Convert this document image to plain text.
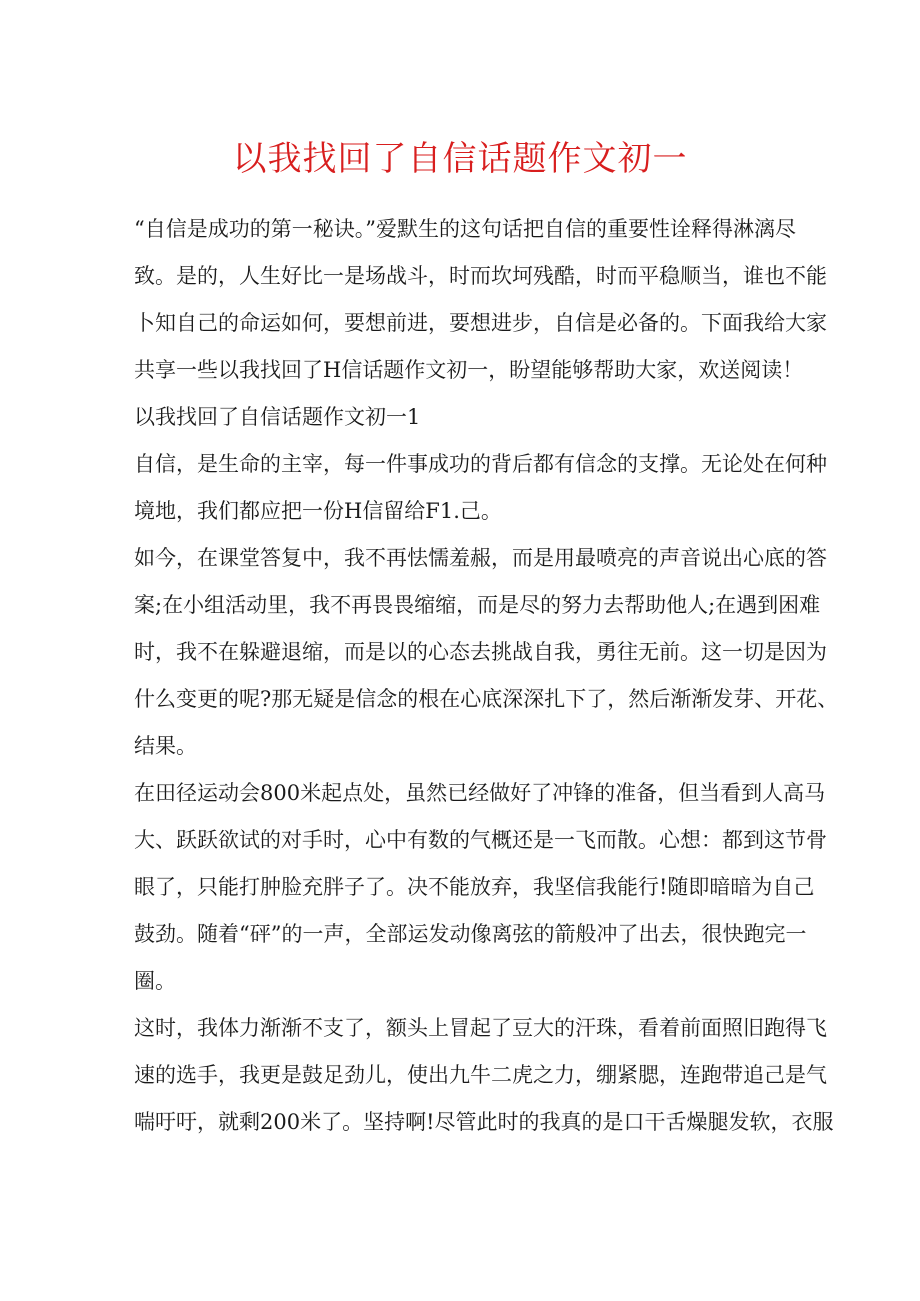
以我找回了自信话题作文初一

“自信是成功的第一秘诀。”爱默生的这句话把自信的重要性诠释得淋漓尽
致。是的，人生好比一是场战斗，时而坎坷残酷，时而平稳顺当，谁也不能
卜知自己的命运如何，要想前进，要想进步，自信是必备的。下面我给大家
共享一些以我找回了H信话题作文初一，盼望能够帮助大家，欢送阅读！

以我找回了自信话题作文初一1

自信，是生命的主宰，每一件事成功的背后都有信念的支撑。无论处在何种
境地，我们都应把一份H信留给F1.己。

如今，在课堂答复中，我不再怯懦羞赧，而是用最喷亮的声音说出心底的答
案;在小组活动里，我不再畏畏缩缩，而是尽的努力去帮助他人;在遇到困难
时，我不在躲避退缩，而是以的心态去挑战自我，勇往无前。这一切是因为
什么变更的呢?那无疑是信念的根在心底深深扎下了，然后渐渐发芽、开花、
结果。

在田径运动会800米起点处，虽然已经做好了冲锋的准备，但当看到人高马
大、跃跃欲试的对手时，心中有数的气概还是一飞而散。心想：都到这节骨
眼了，只能打肿脸充胖子了。决不能放弃，我坚信我能行!随即暗暗为自己
鼓劲。随着“砰”的一声，全部运发动像离弦的箭般冲了出去，很快跑完一
圈。

这时，我体力渐渐不支了，额头上冒起了豆大的汗珠，看着前面照旧跑得飞
速的选手，我更是鼓足劲儿，使出九牛二虎之力，绷紧腮，连跑带追己是气
喘吁吁，就剩200米了。坚持啊!尽管此时的我真的是口干舌燥腿发软，衣服
